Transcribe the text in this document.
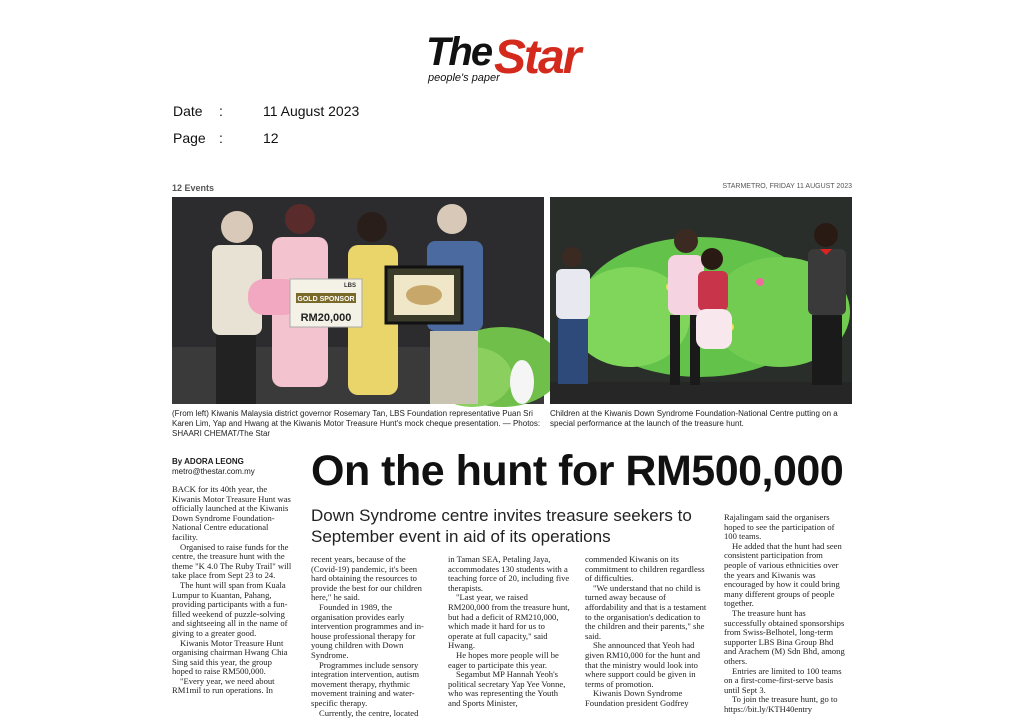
The Star
people's paper
Date	:	11 August 2023
Page :	12
12 Events	STARMETRO, FRIDAY 11 AUGUST 2023
GOLD SPONSOR
RM20,000
LBS
(From left) Kiwanis Malaysia district governor Rosemary Tan, LBS Foundation representative Puan Sri Karen Lim, Yap and Hwang at the Kiwanis Motor Treasure Hunt's mock cheque presentation. — Photos: SHAARI CHEMAT/The Star
Children at the Kiwanis Down Syndrome Foundation-National Centre putting on a special performance at the launch of the treasure hunt.
By ADORA LEONG
metro@thestar.com.my On the hunt for RM500,000
Down Syndrome centre invites treasure seekers to September event in aid of its operations

BACK for its 40th year, the Kiwanis Motor Treasure Hunt was officially launched at the Kiwanis Down Syndrome Foundation-National Centre educational facility.

Organised to raise funds for the centre, the treasure hunt with the theme "K 4.0 The Ruby Trail" will take place from Sept 23 to 24.

The hunt will span from Kuala Lumpur to Kuantan, Pahang, providing participants with a fun-filled weekend of puzzle-solving and sightseeing all in the name of giving to a greater good.

Kiwanis Motor Treasure Hunt organising chairman Hwang Chia Sing said this year, the group hoped to raise RM500,000.

"Every year, we need about RM1mil to run operations. In

recent years, because of the (Covid-19) pandemic, it's been hard obtaining the resources to provide the best for our children here," he said.

Founded in 1989, the organisation provides early intervention programmes and in-house professional therapy for young children with Down Syndrome.

Programmes include sensory integration intervention, autism movement therapy, rhythmic movement training and water-specific therapy.

Currently, the centre, located

in Taman SEA, Petaling Jaya, accommodates 130 students with a teaching force of 20, including five therapists.

"Last year, we raised RM200,000 from the treasure hunt, but had a deficit of RM210,000, which made it hard for us to operate at full capacity," said Hwang.

He hopes more people will be eager to participate this year.

Segambut MP Hannah Yeoh's political secretary Yap Yee Vonne, who was representing the Youth and Sports Minister,

commended Kiwanis on its commitment to children regardless of difficulties.

"We understand that no child is turned away because of affordability and that is a testament to the organisation's dedication to the children and their parents," she said.

She announced that Yeoh had given RM10,000 for the hunt and that the ministry would look into where support could be given in terms of promotion.

Kiwanis Down Syndrome Foundation president Godfrey

Rajalingam said the organisers hoped to see the participation of 100 teams.

He added that the hunt had seen consistent participation from people of various ethnicities over the years and Kiwanis was encouraged by how it could bring many different groups of people together.

The treasure hunt has successfully obtained sponsorships from Swiss-Belhotel, long-term supporter LBS Bina Group Bhd and Arachem (M) Sdn Bhd, among others.

Entries are limited to 100 teams on a first-come-first-serve basis until Sept 3.

To join the treasure hunt, go to https://bit.ly/KTH40entry
